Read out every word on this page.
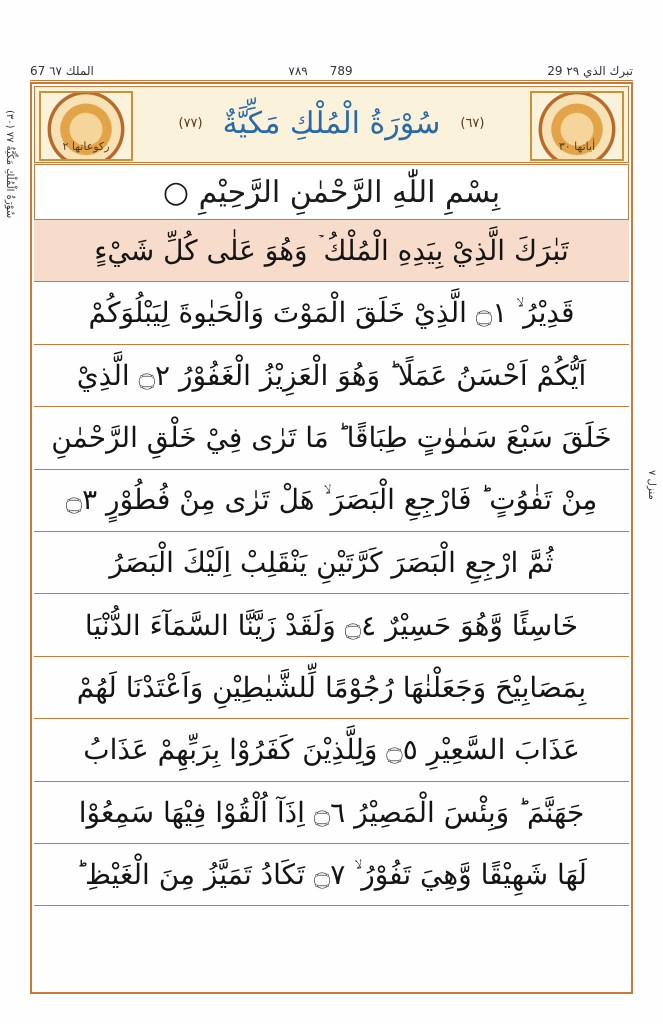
67 الملك ٦٧	٧٨٩ 789	29 تبرك الذي ٢٩
رکوعاتها ٢
(٧٧) سُوْرَةُ الْمُلْكِ مَكِّيَّةٌ (٦٧)
اٰياتها ٣٠
بِسْمِ اللّٰهِ الرَّحْمٰنِ الرَّحِيْمِ ○
تَبٰرَكَ الَّذِيْ بِيَدِهِ الْمُلْكُ ۡ وَهُوَ عَلٰى كُلِّ شَيْءٍ
قَدِيْرُ ۙ ۝١ الَّذِيْ خَلَقَ الْمَوْتَ وَالْحَيٰوةَ لِيَبْلُوَكُمْ
اَيُّكُمْ اَحْسَنُ عَمَلًا ؕ وَهُوَ الْعَزِيْزُ الْغَفُوْرُ ۝٢ الَّذِيْ
خَلَقَ سَبْعَ سَمٰوٰتٍ طِبَاقًا ؕ مَا تَرٰى فِيْ خَلْقِ الرَّحْمٰنِ
مِنْ تَفٰوُتٍ ؕ فَارْجِعِ الْبَصَرَ ۙ هَلْ تَرٰى مِنْ فُطُوْرٍ ۝٣
ثُمَّ ارْجِعِ الْبَصَرَ كَرَّتَيْنِ يَنْقَلِبْ اِلَيْكَ الْبَصَرُ
خَاسِئًا وَّهُوَ حَسِيْرٌ ۝٤ وَلَقَدْ زَيَّنَّا السَّمَآءَ الدُّنْيَا
بِمَصَابِيْحَ وَجَعَلْنٰهَا رُجُوْمًا لِّلشَّيٰطِيْنِ وَاَعْتَدْنَا لَهُمْ
عَذَابَ السَّعِيْرِ ۝٥ وَلِلَّذِيْنَ كَفَرُوْا بِرَبِّهِمْ عَذَابُ
جَهَنَّمَ ؕ وَبِئْسَ الْمَصِيْرُ ۝٦ اِذَآ اُلْقُوْا فِيْهَا سَمِعُوْا
لَهَا شَهِيْقًا وَّهِيَ تَفُوْرُ ۙ ۝٧ تَكَادُ تَمَيَّزُ مِنَ الْغَيْظِ ؕ
(٣٠) سُوْرَةُ الْمُلْكِ مَكِّيَّةٌ ٧٧
منزل ٧
